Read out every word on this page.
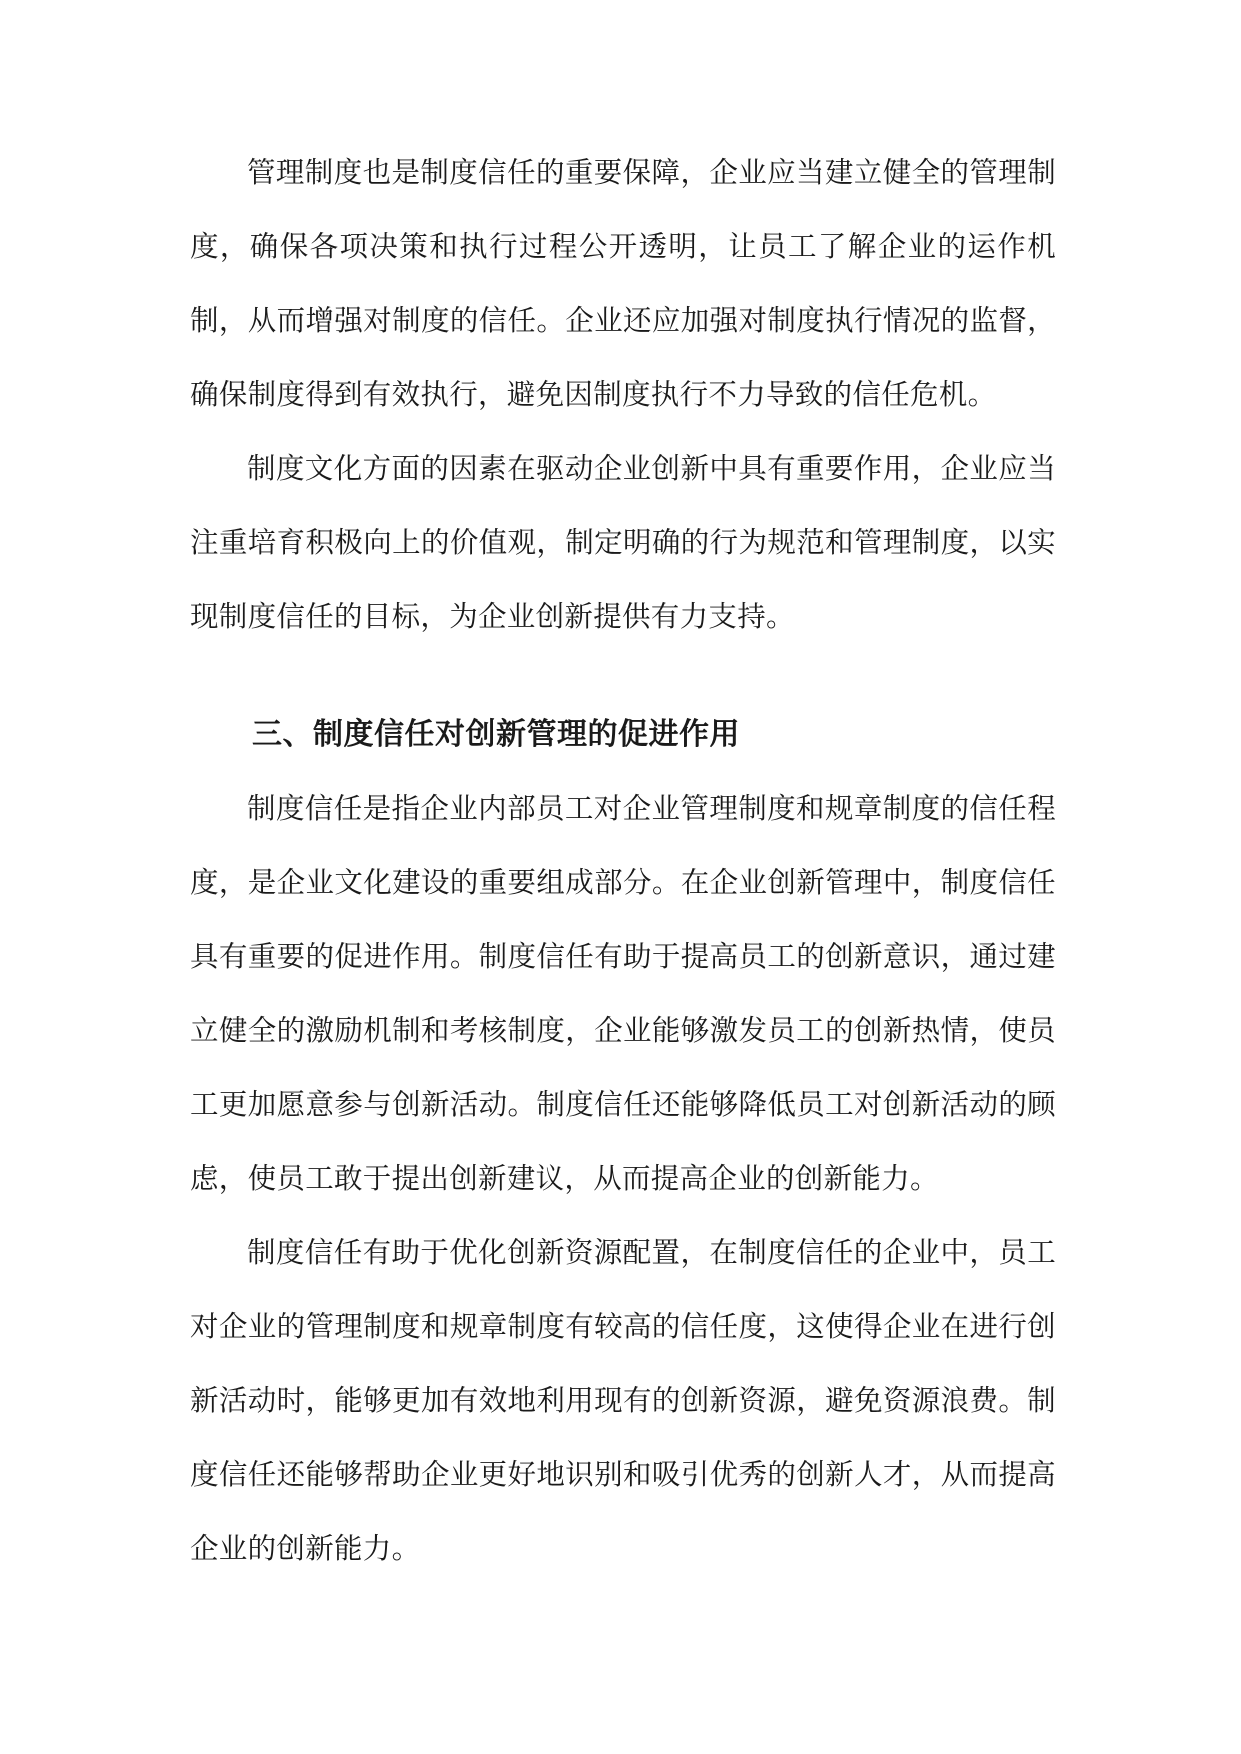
管理制度也是制度信任的重要保障，企业应当建立健全的管理制度，确保各项决策和执行过程公开透明，让员工了解企业的运作机制，从而增强对制度的信任。企业还应加强对制度执行情况的监督，确保制度得到有效执行，避免因制度执行不力导致的信任危机。

制度文化方面的因素在驱动企业创新中具有重要作用，企业应当注重培育积极向上的价值观，制定明确的行为规范和管理制度，以实现制度信任的目标，为企业创新提供有力支持。

三、制度信任对创新管理的促进作用

制度信任是指企业内部员工对企业管理制度和规章制度的信任程度，是企业文化建设的重要组成部分。在企业创新管理中，制度信任具有重要的促进作用。制度信任有助于提高员工的创新意识，通过建立健全的激励机制和考核制度，企业能够激发员工的创新热情，使员工更加愿意参与创新活动。制度信任还能够降低员工对创新活动的顾虑，使员工敢于提出创新建议，从而提高企业的创新能力。

制度信任有助于优化创新资源配置，在制度信任的企业中，员工对企业的管理制度和规章制度有较高的信任度，这使得企业在进行创新活动时，能够更加有效地利用现有的创新资源，避免资源浪费。制度信任还能够帮助企业更好地识别和吸引优秀的创新人才，从而提高企业的创新能力。
